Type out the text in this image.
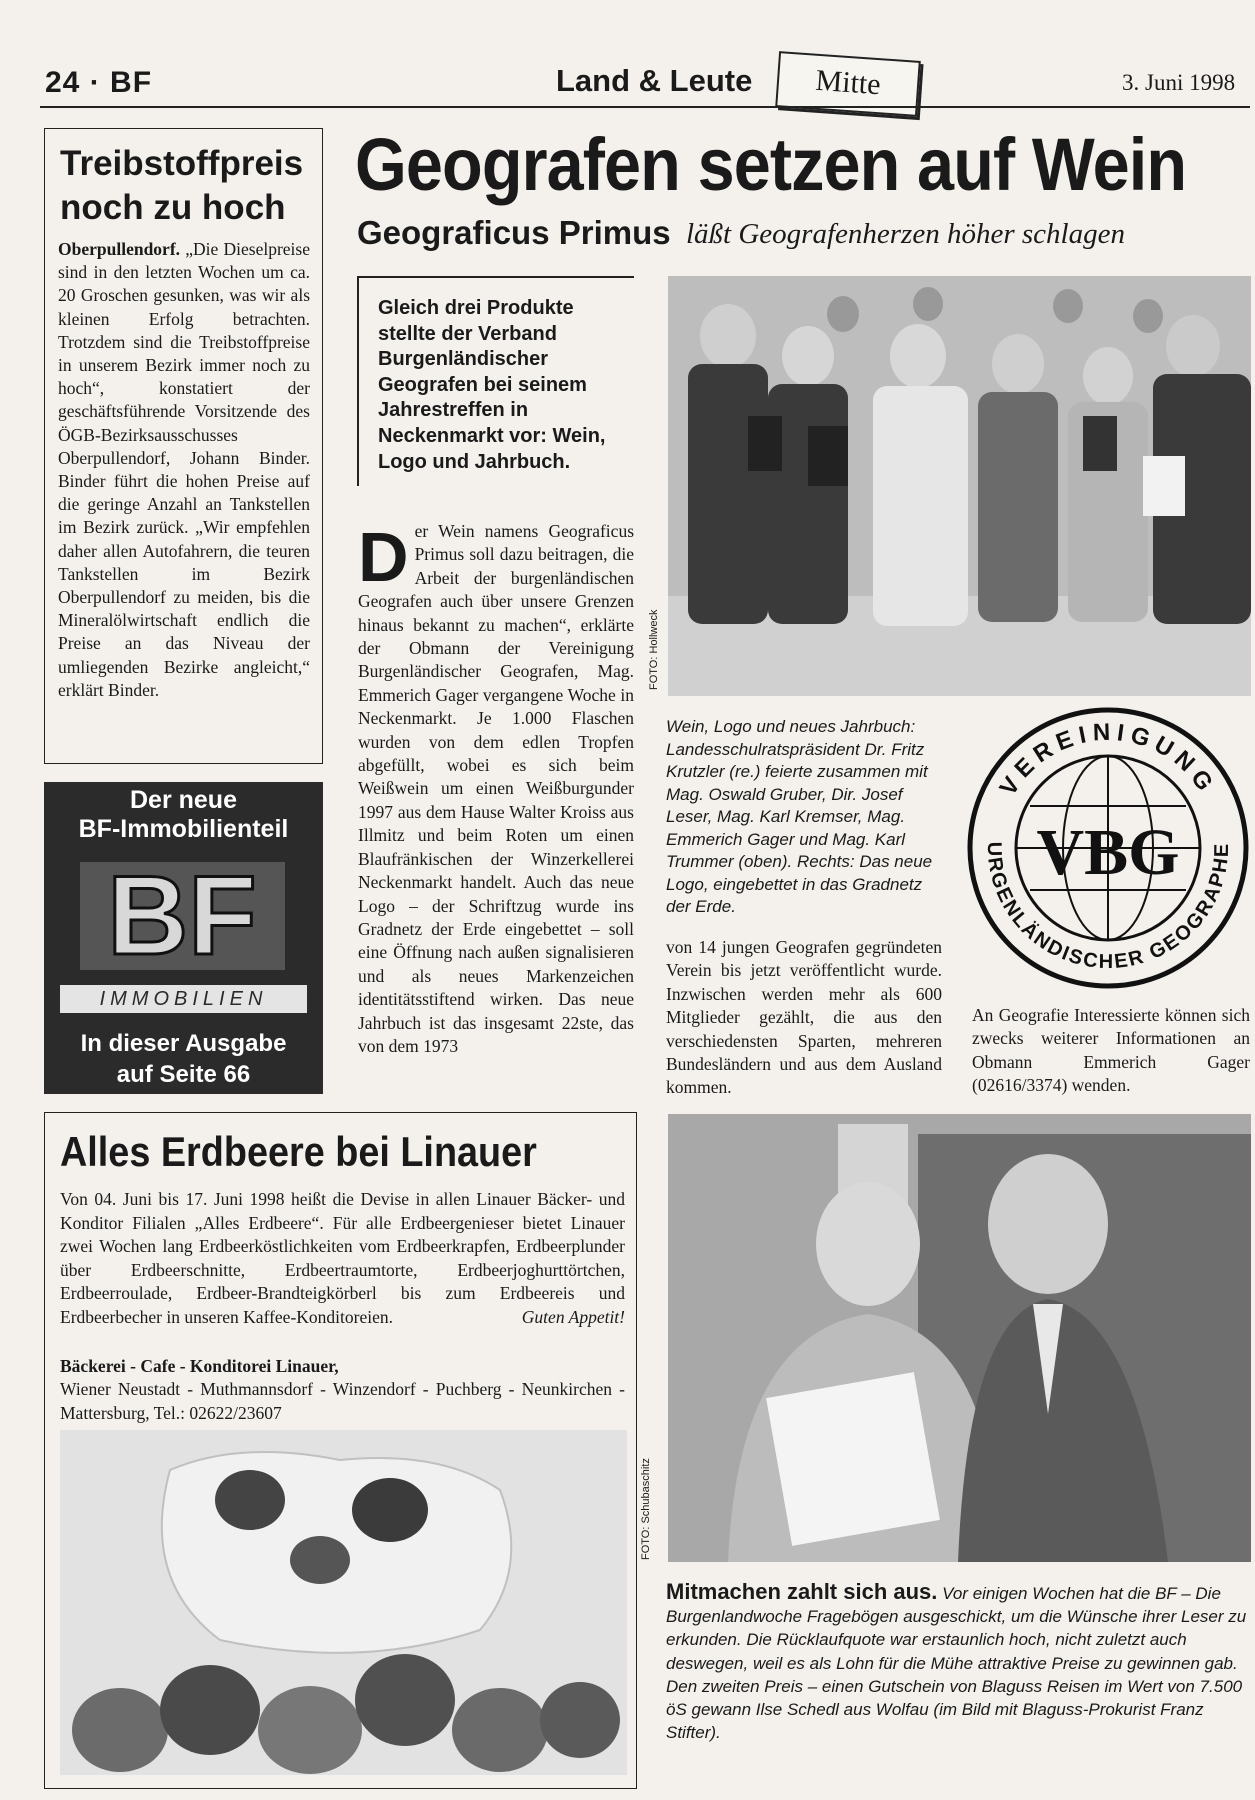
24 · BF	Land & Leute	Mitte	3. Juni 1998
Treibstoffpreis
noch zu hoch
Oberpullendorf. „Die Dieselpreise sind in den letzten Wochen um ca. 20 Groschen gesunken, was wir als kleinen Erfolg betrachten. Trotzdem sind die Treibstoffpreise in unserem Bezirk immer noch zu hoch“, konstatiert der geschäftsführende Vorsitzende des ÖGB-Bezirksausschusses Oberpullendorf, Johann Binder. Binder führt die hohen Preise auf die geringe Anzahl an Tankstellen im Bezirk zurück. „Wir empfehlen daher allen Autofahrern, die teuren Tankstellen im Bezirk Oberpullendorf zu meiden, bis die Mineralölwirtschaft endlich die Preise an das Niveau der umliegenden Bezirke angleicht,“ erklärt Binder.
Der neue
BF-Immobilienteil
BF
IMMOBILIEN
In dieser Ausgabe
auf Seite 66
Geografen setzen auf Wein
Geograficus Primus läßt Geografenherzen höher schlagen
Gleich drei Produkte stellte der Verband Burgenländischer Geografen bei seinem Jahrestreffen in Neckenmarkt vor: Wein, Logo und Jahrbuch.
D er Wein namens Geograficus Primus soll dazu beitragen, die Arbeit der burgenländischen Geografen auch über unsere Grenzen hinaus bekannt zu machen“, erklärte der Obmann der Vereinigung Burgenländischer Geografen, Mag. Emmerich Gager vergangene Woche in Neckenmarkt. Je 1.000 Flaschen wurden von dem edlen Tropfen abgefüllt, wobei es sich beim Weißwein um einen Weißburgunder 1997 aus dem Hause Walter Kroiss aus Illmitz und beim Roten um einen Blaufränkischen der Winzerkellerei Neckenmarkt handelt. Auch das neue Logo – der Schriftzug wurde ins Gradnetz der Erde eingebettet – soll eine Öffnung nach außen signalisieren und als neues Markenzeichen identitätsstiftend wirken. Das neue Jahrbuch ist das insgesamt 22ste, das von dem 1973
FOTO: Hollweck
Wein, Logo und neues Jahrbuch: Landesschulratspräsident Dr. Fritz Krutzler (re.) feierte zusammen mit Mag. Oswald Gruber, Dir. Josef Leser, Mag. Karl Kremser, Mag. Emmerich Gager und Mag. Karl Trummer (oben). Rechts: Das neue Logo, eingebettet in das Gradnetz der Erde.
von 14 jungen Geografen gegründeten Verein bis jetzt veröffentlicht wurde. Inzwischen werden mehr als 600 Mitglieder gezählt, die aus den verschiedensten Sparten, mehreren Bundesländern und aus dem Ausland kommen.
VEREINIGUNG
URGENLÄNDISCHER GEOGRAPHE
VBG
An Geografie Interessierte können sich zwecks weiterer Informationen an Obmann Emmerich Gager (02616/3374) wenden.
Alles Erdbeere bei Linauer
Von 04. Juni bis 17. Juni 1998 heißt die Devise in allen Linauer Bäcker- und Konditor Filialen „Alles Erdbeere“. Für alle Erdbeergenieser bietet Linauer zwei Wochen lang Erdbeerköstlichkeiten vom Erdbeerkrapfen, Erdbeerplunder über Erdbeerschnitte, Erdbeertraumtorte, Erdbeerjoghurttörtchen, Erdbeerroulade, Erdbeer-Brandteigkörberl bis zum Erdbeereis und Erdbeerbecher in unseren Kaffee-Konditoreien.	Guten Appetit!
Bäckerei - Cafe - Konditorei Linauer,
Wiener Neustadt - Muthmannsdorf - Winzendorf - Puchberg - Neunkirchen - Mattersburg, Tel.: 02622/23607
FOTO: Schubaschitz
Mitmachen zahlt sich aus. Vor einigen Wochen hat die BF – Die Burgenlandwoche Fragebögen ausgeschickt, um die Wünsche ihrer Leser zu erkunden. Die Rücklaufquote war erstaunlich hoch, nicht zuletzt auch deswegen, weil es als Lohn für die Mühe attraktive Preise zu gewinnen gab. Den zweiten Preis – einen Gutschein von Blaguss Reisen im Wert von 7.500 öS gewann Ilse Schedl aus Wolfau (im Bild mit Blaguss-Prokurist Franz Stifter).
